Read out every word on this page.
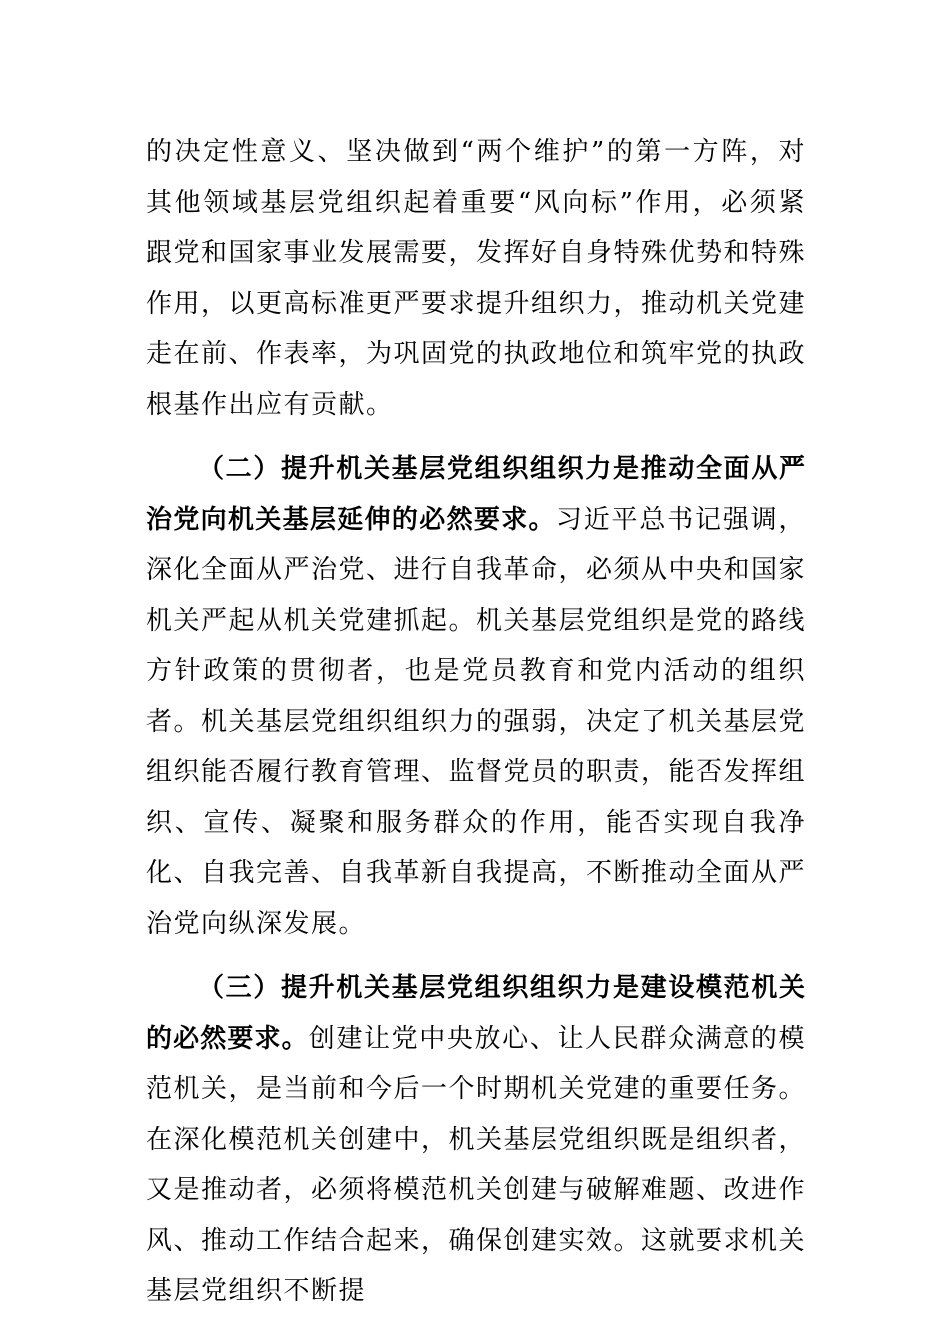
的决定性意义、坚决做到“两个维护”的第一方阵，对其他领域基层党组织起着重要“风向标”作用，必须紧跟党和国家事业发展需要，发挥好自身特殊优势和特殊作用，以更高标准更严要求提升组织力，推动机关党建走在前、作表率，为巩固党的执政地位和筑牢党的执政根基作出应有贡献。

（二）提升机关基层党组织组织力是推动全面从严治党向机关基层延伸的必然要求。习近平总书记强调，深化全面从严治党、进行自我革命，必须从中央和国家机关严起从机关党建抓起。机关基层党组织是党的路线方针政策的贯彻者，也是党员教育和党内活动的组织者。机关基层党组织组织力的强弱，决定了机关基层党组织能否履行教育管理、监督党员的职责，能否发挥组织、宣传、凝聚和服务群众的作用，能否实现自我净化、自我完善、自我革新自我提高，不断推动全面从严治党向纵深发展。

（三）提升机关基层党组织组织力是建设模范机关的必然要求。创建让党中央放心、让人民群众满意的模范机关，是当前和今后一个时期机关党建的重要任务。在深化模范机关创建中，机关基层党组织既是组织者，又是推动者，必须将模范机关创建与破解难题、改进作风、推动工作结合起来，确保创建实效。这就要求机关基层党组织不断提
